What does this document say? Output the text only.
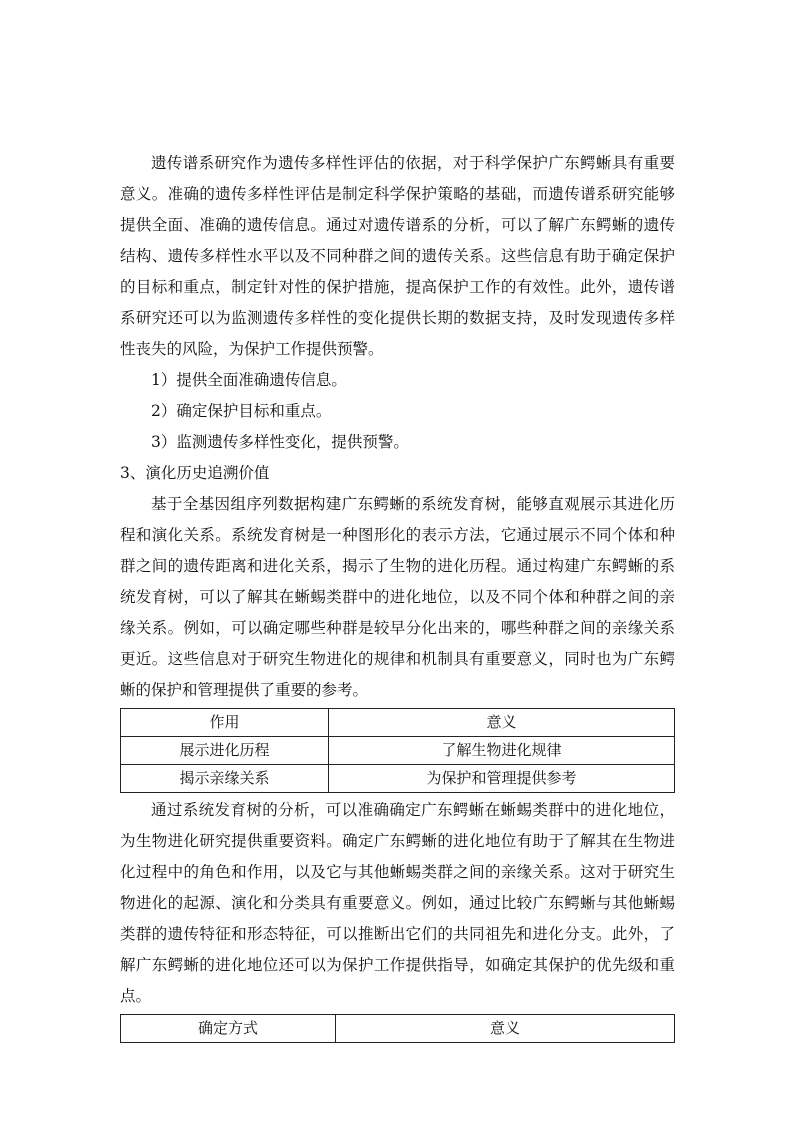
遗传谱系研究作为遗传多样性评估的依据，对于科学保护广东鳄蜥具有重要意义。准确的遗传多样性评估是制定科学保护策略的基础，而遗传谱系研究能够提供全面、准确的遗传信息。通过对遗传谱系的分析，可以了解广东鳄蜥的遗传结构、遗传多样性水平以及不同种群之间的遗传关系。这些信息有助于确定保护的目标和重点，制定针对性的保护措施，提高保护工作的有效性。此外，遗传谱系研究还可以为监测遗传多样性的变化提供长期的数据支持，及时发现遗传多样性丧失的风险，为保护工作提供预警。

1）提供全面准确遗传信息。

2）确定保护目标和重点。

3）监测遗传多样性变化，提供预警。

3、演化历史追溯价值

基于全基因组序列数据构建广东鳄蜥的系统发育树，能够直观展示其进化历程和演化关系。系统发育树是一种图形化的表示方法，它通过展示不同个体和种群之间的遗传距离和进化关系，揭示了生物的进化历程。通过构建广东鳄蜥的系统发育树，可以了解其在蜥蜴类群中的进化地位，以及不同个体和种群之间的亲缘关系。例如，可以确定哪些种群是较早分化出来的，哪些种群之间的亲缘关系更近。这些信息对于研究生物进化的规律和机制具有重要意义，同时也为广东鳄蜥的保护和管理提供了重要的参考。

作用	意义
展示进化历程	了解生物进化规律
揭示亲缘关系	为保护和管理提供参考

通过系统发育树的分析，可以准确确定广东鳄蜥在蜥蜴类群中的进化地位，为生物进化研究提供重要资料。确定广东鳄蜥的进化地位有助于了解其在生物进化过程中的角色和作用，以及它与其他蜥蜴类群之间的亲缘关系。这对于研究生物进化的起源、演化和分类具有重要意义。例如，通过比较广东鳄蜥与其他蜥蜴类群的遗传特征和形态特征，可以推断出它们的共同祖先和进化分支。此外，了解广东鳄蜥的进化地位还可以为保护工作提供指导，如确定其保护的优先级和重点。

确定方式	意义
